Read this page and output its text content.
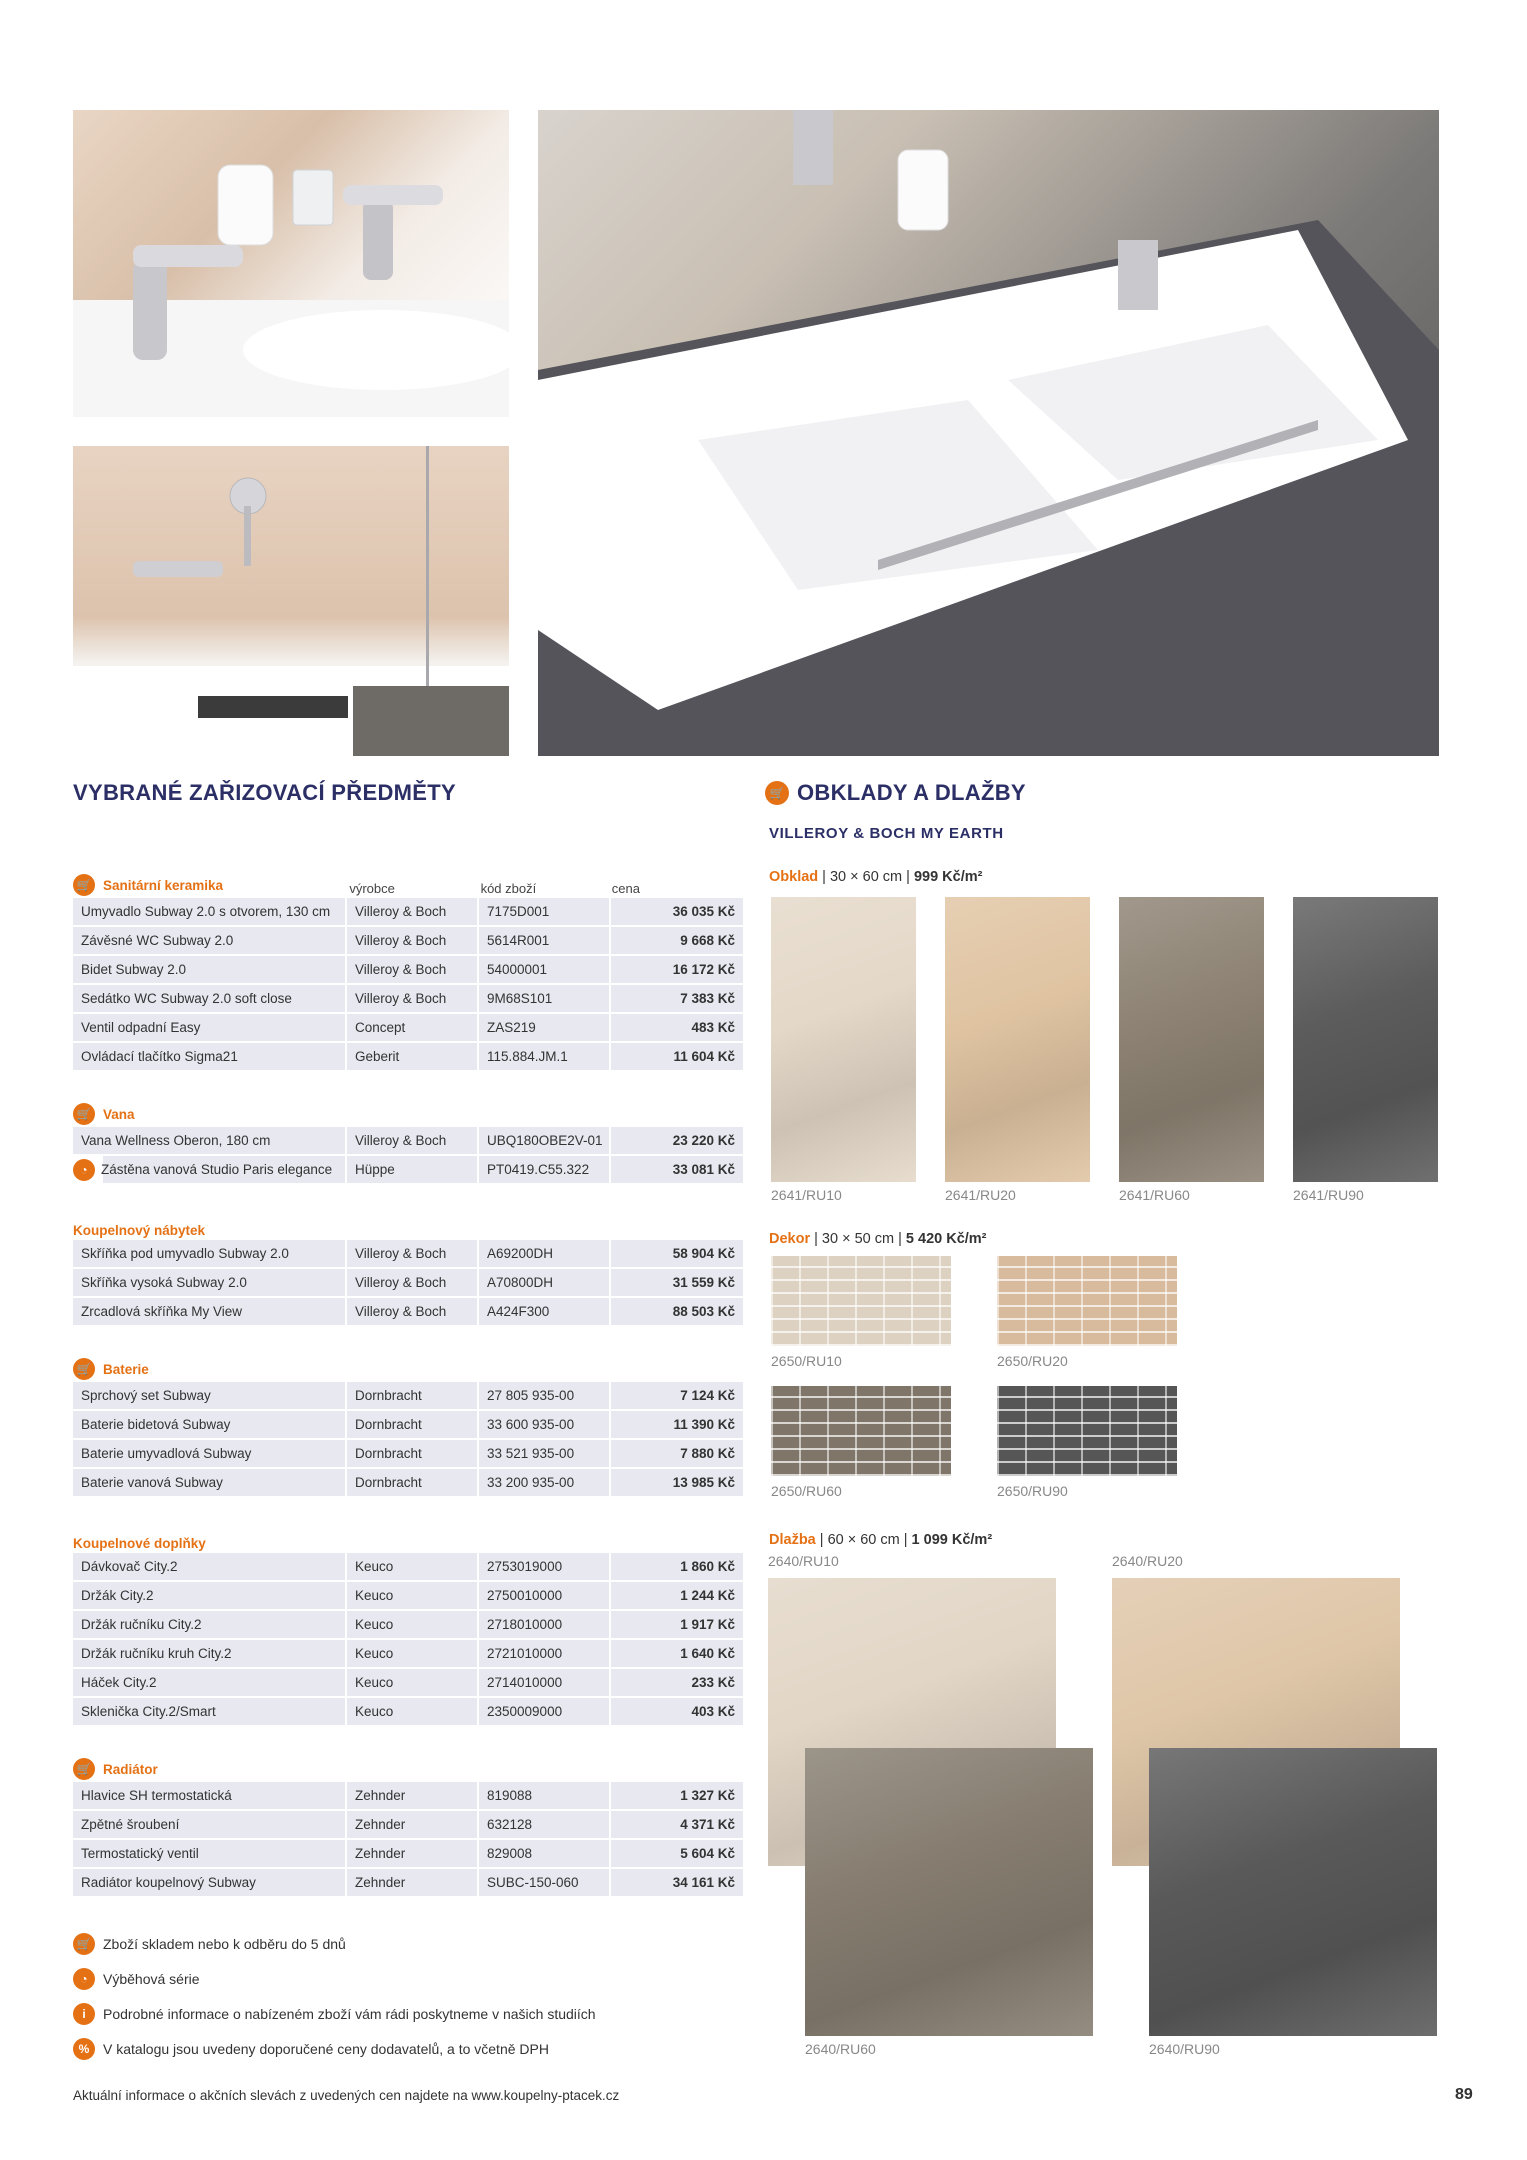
VYBRANÉ ZAŘIZOVACÍ PŘEDMĚTY	🛒 OBKLADY A DLAŽBY
VILLEROY & BOCH MY EARTH
🛒 Sanitární keramika	výrobce	kód zboží	cena
Umyvadlo Subway 2.0 s otvorem, 130 cm	Villeroy & Boch	7175D001	36 035 Kč
Závěsné WC Subway 2.0	Villeroy & Boch	5614R001	9 668 Kč
Bidet Subway 2.0	Villeroy & Boch	54000001	16 172 Kč
Sedátko WC Subway 2.0 soft close	Villeroy & Boch	9M68S101	7 383 Kč
Ventil odpadní Easy	Concept	ZAS219	483 Kč
Ovládací tlačítko Sigma21	Geberit	115.884.JM.1	11 604 Kč
🛒 Vana
Vana Wellness Oberon, 180 cm	Villeroy & Boch	UBQ180OBE2V-01	23 220 Kč
◔ Zástěna vanová Studio Paris elegance	Hüppe	PT0419.C55.322	33 081 Kč
Koupelnový nábytek
Skříňka pod umyvadlo Subway 2.0	Villeroy & Boch	A69200DH	58 904 Kč
Skříňka vysoká Subway 2.0	Villeroy & Boch	A70800DH	31 559 Kč
Zrcadlová skříňka My View	Villeroy & Boch	A424F300	88 503 Kč
🛒 Baterie
Sprchový set Subway	Dornbracht	27 805 935-00	7 124 Kč
Baterie bidetová Subway	Dornbracht	33 600 935-00	11 390 Kč
Baterie umyvadlová Subway	Dornbracht	33 521 935-00	7 880 Kč
Baterie vanová Subway	Dornbracht	33 200 935-00	13 985 Kč
Koupelnové doplňky
Dávkovač City.2	Keuco	2753019000	1 860 Kč
Držák City.2	Keuco	2750010000	1 244 Kč
Držák ručníku City.2	Keuco	2718010000	1 917 Kč
Držák ručníku kruh City.2	Keuco	2721010000	1 640 Kč
Háček City.2	Keuco	2714010000	233 Kč
Sklenička City.2/Smart	Keuco	2350009000	403 Kč
🛒 Radiátor
Hlavice SH termostatická	Zehnder	819088	1 327 Kč
Zpětné šroubení	Zehnder	632128	4 371 Kč
Termostatický ventil	Zehnder	829008	5 604 Kč
Radiátor koupelnový Subway	Zehnder	SUBC-150-060	34 161 Kč
Obklad | 30 × 60 cm | 999 Kč/m²
2641/RU10	2641/RU20	2641/RU60	2641/RU90
Dekor | 30 × 50 cm | 5 420 Kč/m²
2650/RU10	2650/RU20
2650/RU60	2650/RU90
Dlažba | 60 × 60 cm | 1 099 Kč/m²
2640/RU10	2640/RU20
2640/RU60	2640/RU90
🛒 Zboží skladem nebo k odběru do 5 dnů
◔	Výběhová série
i	Podrobné informace o nabízeném zboží vám rádi poskytneme v našich studiích
% V katalogu jsou uvedeny doporučené ceny dodavatelů, a to včetně DPH
Aktuální informace o akčních slevách z uvedených cen najdete na www.koupelny-ptacek.cz	89
